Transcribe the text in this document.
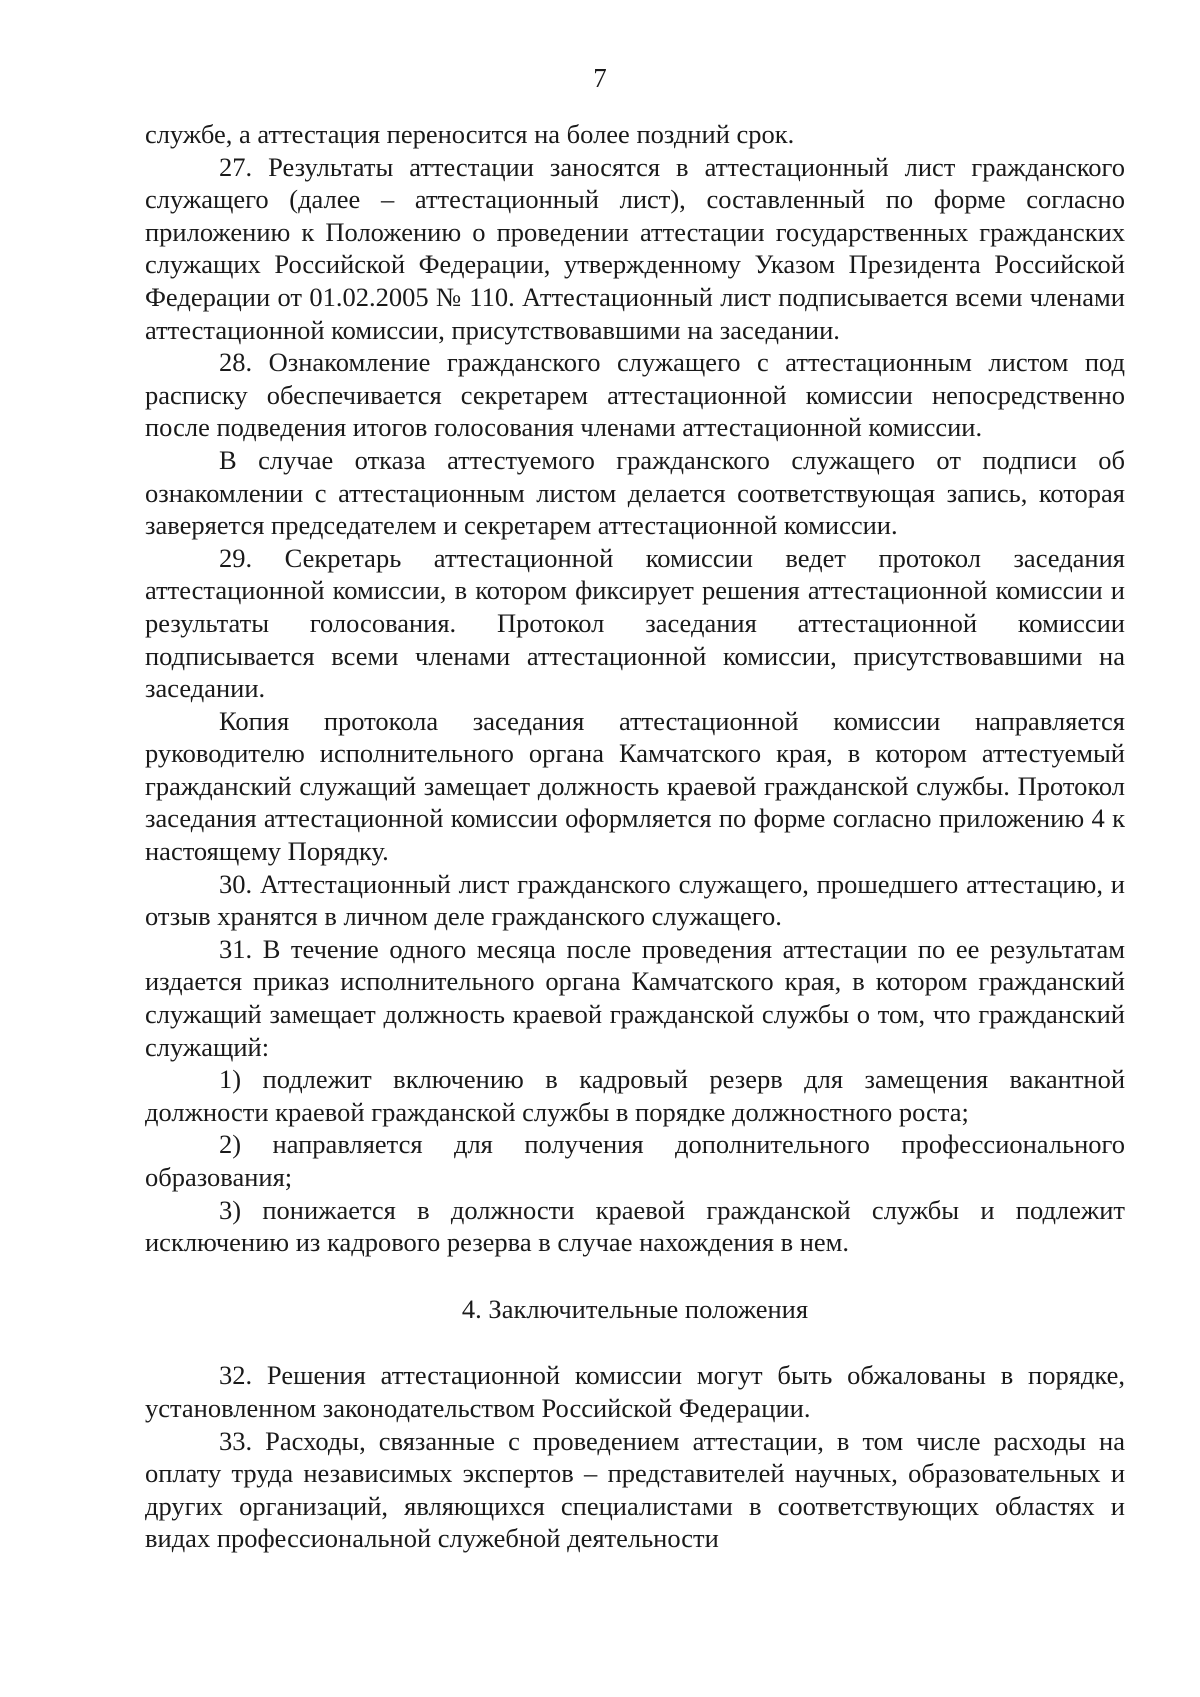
7

службе, а аттестация переносится на более поздний срок.

27. Результаты аттестации заносятся в аттестационный лист гражданского служащего (далее – аттестационный лист), составленный по форме согласно приложению к Положению о проведении аттестации государственных гражданских служащих Российской Федерации, утвержденному Указом Президента Российской Федерации от 01.02.2005 № 110. Аттестационный лист подписывается всеми членами аттестационной комиссии, присутствовавшими на заседании.

28. Ознакомление гражданского служащего с аттестационным листом под расписку обеспечивается секретарем аттестационной комиссии непосредственно после подведения итогов голосования членами аттестационной комиссии.

В случае отказа аттестуемого гражданского служащего от подписи об ознакомлении с аттестационным листом делается соответствующая запись, которая заверяется председателем и секретарем аттестационной комиссии.

29. Секретарь аттестационной комиссии ведет протокол заседания аттестационной комиссии, в котором фиксирует решения аттестационной комиссии и результаты голосования. Протокол заседания аттестационной комиссии подписывается всеми членами аттестационной комиссии, присутствовавшими на заседании.

Копия протокола заседания аттестационной комиссии направляется руководителю исполнительного органа Камчатского края, в котором аттестуемый гражданский служащий замещает должность краевой гражданской службы. Протокол заседания аттестационной комиссии оформляется по форме согласно приложению 4 к настоящему Порядку.

30. Аттестационный лист гражданского служащего, прошедшего аттестацию, и отзыв хранятся в личном деле гражданского служащего.

31. В течение одного месяца после проведения аттестации по ее результатам издается приказ исполнительного органа Камчатского края, в котором гражданский служащий замещает должность краевой гражданской службы о том, что гражданский служащий:

1) подлежит включению в кадровый резерв для замещения вакантной должности краевой гражданской службы в порядке должностного роста;

2) направляется для получения дополнительного профессионального образования;

3) понижается в должности краевой гражданской службы и подлежит исключению из кадрового резерва в случае нахождения в нем.

4. Заключительные положения

32. Решения аттестационной комиссии могут быть обжалованы в порядке, установленном законодательством Российской Федерации.

33. Расходы, связанные с проведением аттестации, в том числе расходы на оплату труда независимых экспертов – представителей научных, образовательных и других организаций, являющихся специалистами в соответствующих областях и видах профессиональной служебной деятельности
